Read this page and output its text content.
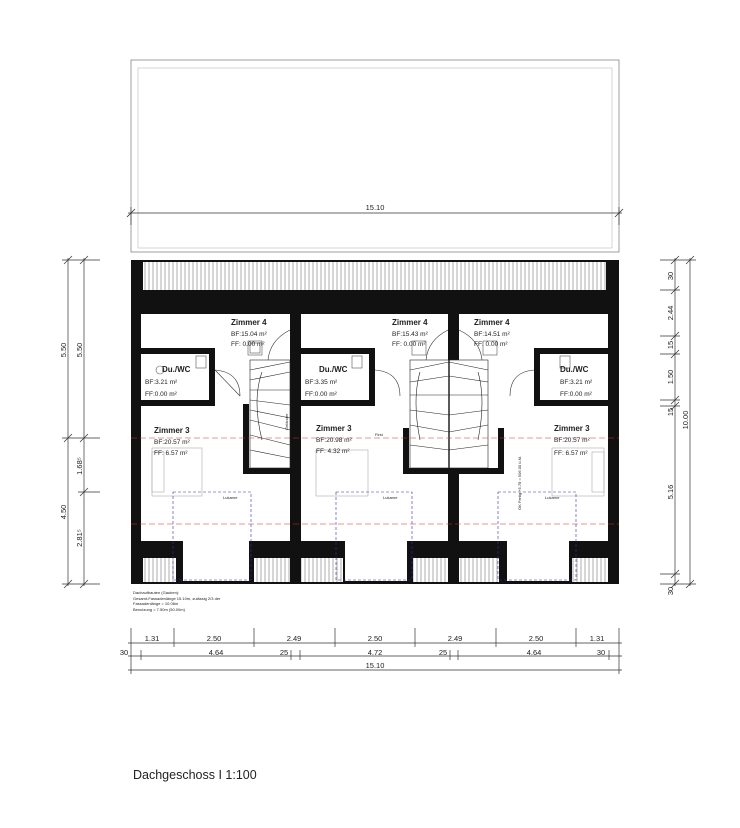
15.10
First
Zimmer 4
BF:15.04 m²
FF: 0.00 m²
Zimmer 4
BF:15.43 m²
FF: 0.00 m²
Zimmer 4
BF:14.51 m²
FF: 0.00 m²
Du./WC
BF:3.21 m²
FF:0.00 m²
Du./WC
BF:3.35 m²
FF:0.00 m²
Du./WC
BF:3.21 m²
FF:0.00 m²
Zimmer 3
BF:20.57 m²
FF: 6.57 m²
Zimmer 3
BF:20.98 m²
FF: 4.32 m²
Zimmer 3
BF:20.57 m²
FF: 6.57 m²
Lukarne	Lukarne	Lukarne
Geländer
OK Fertig +5.78 = 506.00 ü.M.
Dachaufbauten (Gauben):
Gesamt-Fassadenlänge 15.10m, zulässig 2/3 der
Fassadenlänge = 10.06m
Benutzung = 7.50m (50.00m)
5.50
4.50
5.50
1.68⁵
2.81⁵
30
2.44
15
1.50
15
5.16
30
10.00
1.31	2.50	2.49	2.50	2.49	2.50	1.31
30	4.64	25	4.72	25	4.64	30
15.10
Dachgeschoss I 1:100
